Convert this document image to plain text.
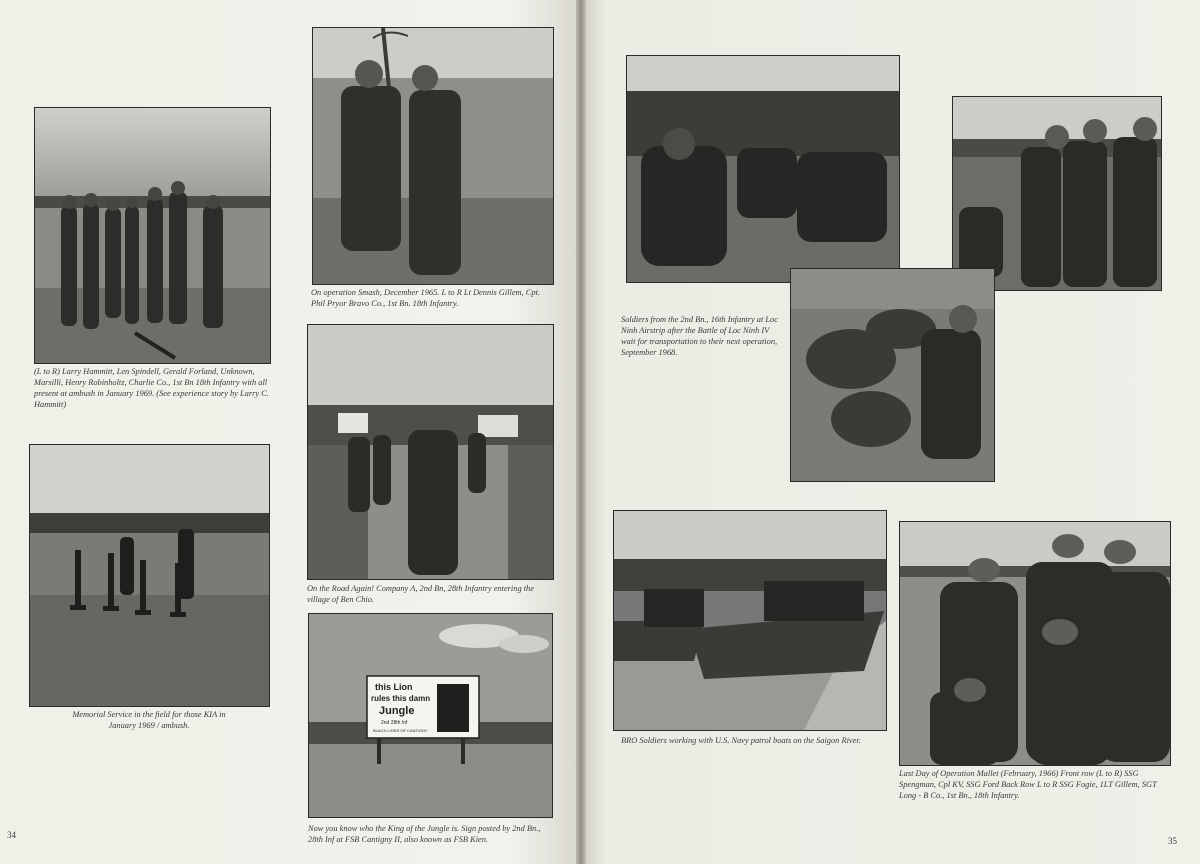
(L to R) Larry Hammitt, Len Spindell, Gerald Forland, Unknown, Marsilli, Henry Robinholtz, Charlie Co., 1st Bn 18th Infantry with all present at ambush in January 1969. (See experience story by Larry C. Hammitt)

Memorial Service in the field for those KIA in January 1969 / ambush.

On operation Smash, December 1965. L to R Lt Dennis Gillem, Cpt. Phil Pryor Bravo Co., 1st Bn. 18th Infantry.

On the Road Again! Company A, 2nd Bn, 28th Infantry entering the village of Ben Chio.

this Lion
rules this damn
Jungle
2nd 28th Inf
BLACK LIONS OF CANTIGNY

Now you know who the King of the Jungle is. Sign posted by 2nd Bn., 28th Inf at FSB Cantigny II, also known as FSB Kien.

34

Soldiers from the 2nd Bn., 16th Infantry at Loc Ninh Airstrip after the Battle of Loc Ninh IV wait for transportation to their next operation, September 1968.

BRO Soldiers working with U.S. Navy patrol boats on the Saigon River.

Last Day of Operation Mallet (February, 1966) Front row (L to R) SSG Spengman, Cpl KV, SSG Ford Back Row L to R SSG Fogie, 1LT Gillem, SGT Long - B Co., 1st Bn., 18th Infantry.

35
